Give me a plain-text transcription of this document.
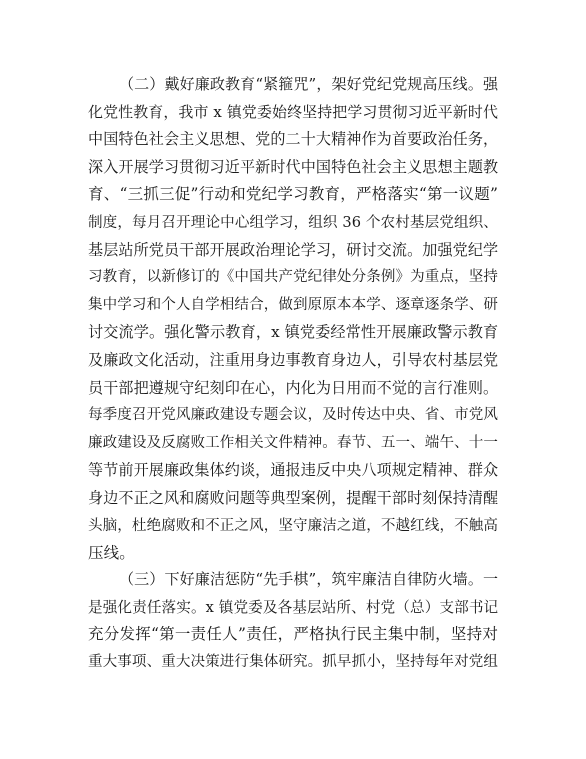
（二）戴好廉政教育“紧箍咒”，架好党纪党规高压线。强
化党性教育，我市 x 镇党委始终坚持把学习贯彻习近平新时代
中国特色社会主义思想、党的二十大精神作为首要政治任务，
深入开展学习贯彻习近平新时代中国特色社会主义思想主题教
育、“三抓三促”行动和党纪学习教育，严格落实“第一议题”
制度，每月召开理论中心组学习，组织 36 个农村基层党组织、
基层站所党员干部开展政治理论学习，研讨交流。加强党纪学
习教育，以新修订的《中国共产党纪律处分条例》为重点，坚持
集中学习和个人自学相结合，做到原原本本学、逐章逐条学、研
讨交流学。强化警示教育，x 镇党委经常性开展廉政警示教育
及廉政文化活动，注重用身边事教育身边人，引导农村基层党
员干部把遵规守纪刻印在心，内化为日用而不觉的言行准则。
每季度召开党风廉政建设专题会议，及时传达中央、省、市党风
廉政建设及反腐败工作相关文件精神。春节、五一、端午、十一
等节前开展廉政集体约谈，通报违反中央八项规定精神、群众
身边不正之风和腐败问题等典型案例，提醒干部时刻保持清醒
头脑，杜绝腐败和不正之风，坚守廉洁之道，不越红线，不触高
压线。
（三）下好廉洁惩防“先手棋”，筑牢廉洁自律防火墙。一
是强化责任落实。x 镇党委及各基层站所、村党（总）支部书记
充分发挥“第一责任人”责任，严格执行民主集中制，坚持对
重大事项、重大决策进行集体研究。抓早抓小，坚持每年对党组
